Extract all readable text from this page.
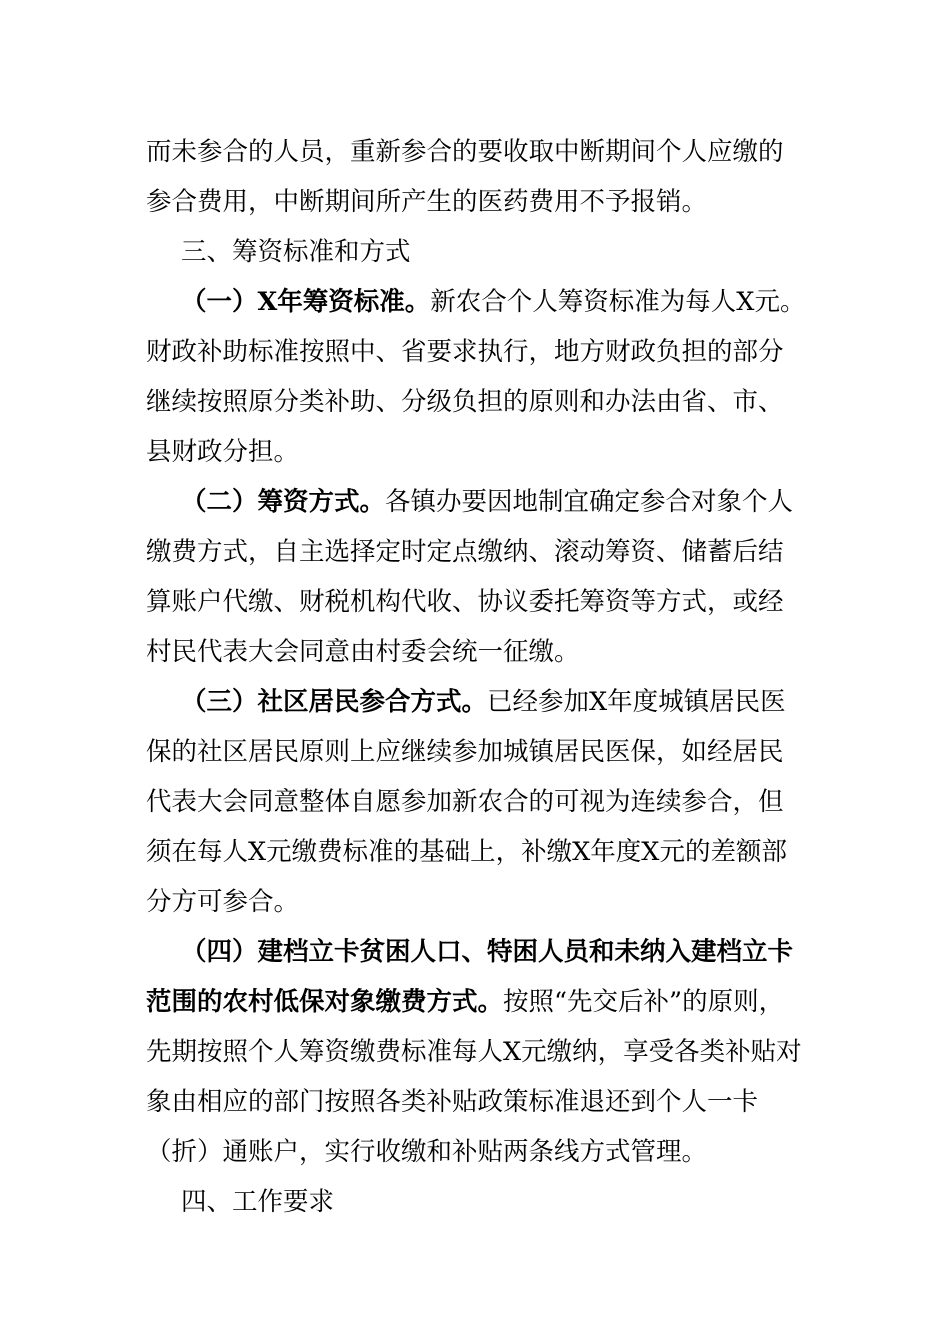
而未参合的人员，重新参合的要收取中断期间个人应缴的
参合费用，中断期间所产生的医药费用不予报销。
三、筹资标准和方式
（一）X年筹资标准。新农合个人筹资标准为每人X元。
财政补助标准按照中、省要求执行，地方财政负担的部分
继续按照原分类补助、分级负担的原则和办法由省、市、
县财政分担。
（二）筹资方式。各镇办要因地制宜确定参合对象个人
缴费方式，自主选择定时定点缴纳、滚动筹资、储蓄后结
算账户代缴、财税机构代收、协议委托筹资等方式，或经
村民代表大会同意由村委会统一征缴。
（三）社区居民参合方式。已经参加X年度城镇居民医
保的社区居民原则上应继续参加城镇居民医保，如经居民
代表大会同意整体自愿参加新农合的可视为连续参合，但
须在每人X元缴费标准的基础上，补缴X年度X元的差额部
分方可参合。
（四）建档立卡贫困人口、特困人员和未纳入建档立卡
范围的农村低保对象缴费方式。按照“先交后补”的原则，
先期按照个人筹资缴费标准每人X元缴纳，享受各类补贴对
象由相应的部门按照各类补贴政策标准退还到个人一卡
（折）通账户，实行收缴和补贴两条线方式管理。
四、工作要求
